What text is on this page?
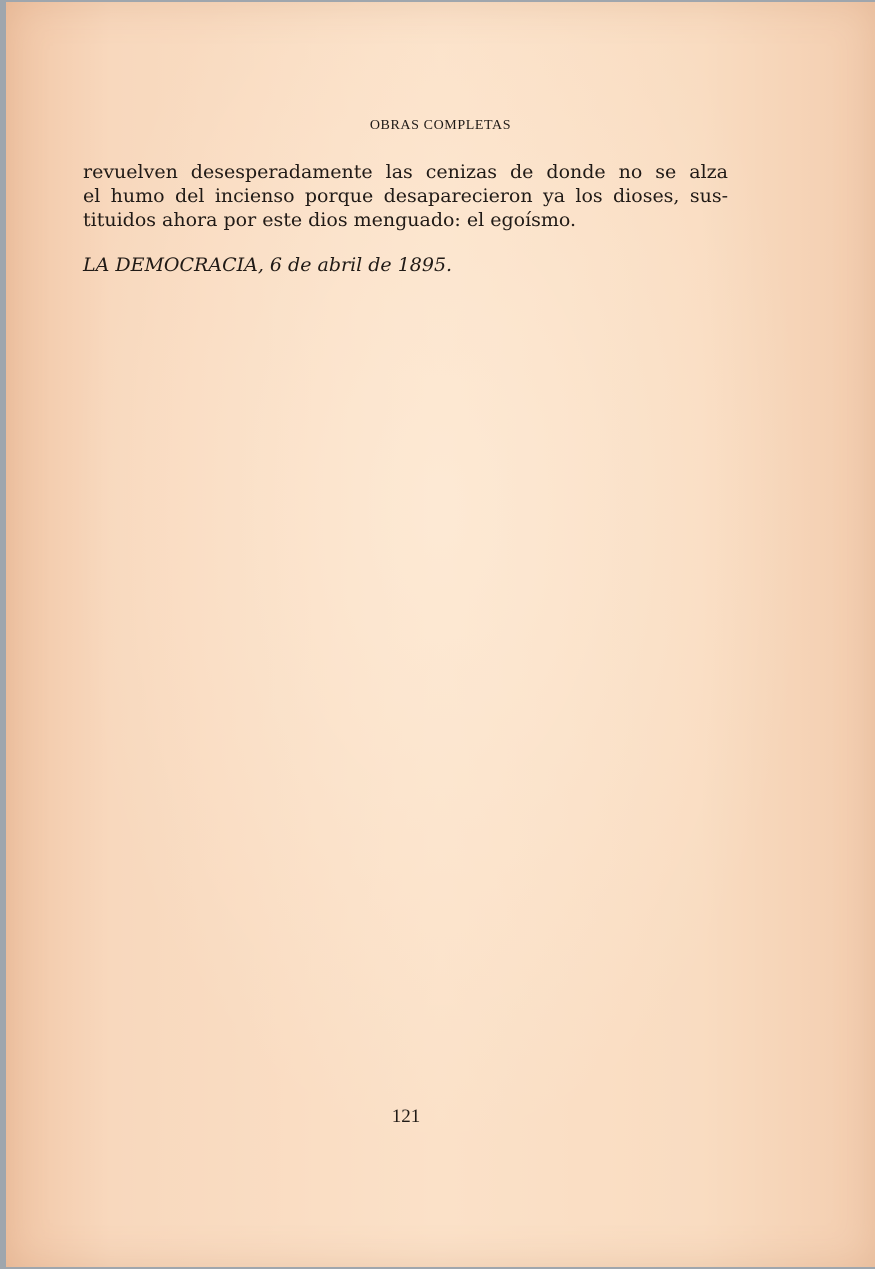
OBRAS COMPLETAS
revuelven desesperadamente las cenizas de donde no se alza
el humo del incienso porque desaparecieron ya los dioses, sus-
tituidos ahora por este dios menguado: el egoísmo.
LA DEMOCRACIA, 6 de abril de 1895.
121
